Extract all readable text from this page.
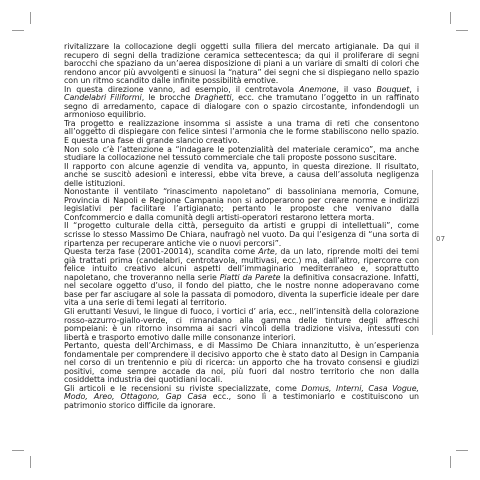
07

rivitalizzare la collocazione degli oggetti sulla filiera del mercato artigianale. Da qui il recupero di segni della tradizione ceramica settecentesca; da qui il proliferare di segni barocchi che spaziano da un’aerea disposizione di piani a un variare di smalti di colori che rendono ancor più avvolgenti e sinuosi la “natura” dei segni che si dispiegano nello spazio con un ritmo scandito dalle infinite possibilità emotive.

In questa direzione vanno, ad esempio, il centrotavola Anemone, il vaso Bouquet, i Candelabri Filiformi, le brocche Draghetti, ecc. che tramutano l’oggetto in un raffinato segno di arredamento, capace di dialogare con o spazio circostante, infondendogli un armonioso equilibrio.

Tra progetto e realizzazione insomma si assiste a una trama di reti che consentono all’oggetto di dispiegare con felice sintesi l’armonia che le forme stabiliscono nello spazio. E questa una fase di grande slancio creativo.

Non solo c’è l’attenzione a “indagare le potenzialità del materiale ceramico”, ma anche studiare la collocazione nel tessuto commerciale che tali proposte possono suscitare.

Il rapporto con alcune agenzie di vendita va, appunto, in questa direzione. Il risultato, anche se suscitò adesioni e interessi, ebbe vita breve, a causa dell’assoluta negligenza delle istituzioni.

Nonostante il ventilato “rinascimento napoletano” di bassoliniana memoria, Comune, Provincia di Napoli e Regione Campania non si adoperarono per creare norme e indirizzi legislativi per facilitare l’artigianato; pertanto le proposte che venivano dalla Confcommercio e dalla comunità degli artisti-operatori restarono lettera morta.

Il “progetto culturale della città, perseguito da artisti e gruppi di intellettuali”, come scrisse lo stesso Massimo De Chiara, naufragò nel vuoto. Da qui l’esigenza di “una sorta di ripartenza per recuperare antiche vie o nuovi percorsi”.

Questa terza fase (2001-20014), scandita come Arte, da un lato, riprende molti dei temi già trattati prima (candelabri, centrotavola, multivasi, ecc.) ma, dall’altro, ripercorre con felice intuito creativo alcuni aspetti dell’immaginario mediterraneo e, soprattutto napoletano, che troveranno nella serie Piatti da Parete la definitiva consacrazione. Infatti, nel secolare oggetto d’uso, il fondo del piatto, che le nostre nonne adoperavano come base per far asciugare al sole la passata di pomodoro, diventa la superficie ideale per dare vita a una serie di temi legati al territorio.

Gli eruttanti Vesuvi, le lingue di fuoco, i vortici d’ aria, ecc., nell’intensità della colorazione rosso-azzurro-giallo-verde, ci rimandano alla gamma delle tinture degli affreschi pompeiani: è un ritorno insomma ai sacri vincoli della tradizione visiva, intessuti con libertà e trasporto emotivo dalle mille consonanze interiori.

Pertanto, questa dell’Archimass, e di Massimo De Chiara innanzitutto, è un’esperienza fondamentale per comprendere il decisivo apporto che è stato dato al Design in Campania nel corso di un trentennio e più di ricerca: un apporto che ha trovato consensi e giudizi positivi, come sempre accade da noi, più fuori dal nostro territorio che non dalla cosiddetta industria dei quotidiani locali.

Gli articoli e le recensioni su riviste specializzate, come Domus, Interni, Casa Vogue, Modo, Areo, Ottagono, Gap Casa ecc., sono lì a testimoniarlo e costituiscono un patrimonio storico difficile da ignorare.
